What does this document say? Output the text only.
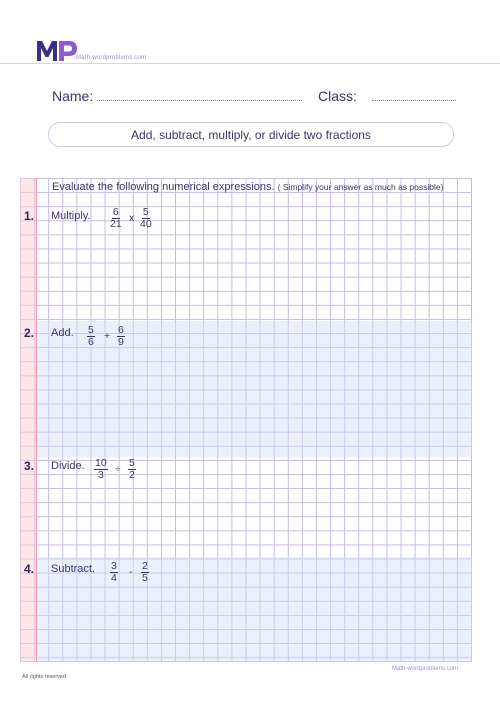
Math-wordproblems.com
Name:	Class:
Add, subtract, multiply, or divide two fractions
Evaluate the following numerical expressions. ( Simplify your answer as much as possible)
1. Multiply. $\frac{6}{21}$ x $\frac{5}{40}$
2. Add. $\frac{5}{6} + \frac{6}{9}$
3. Divide. $\frac{10}{3} \div \frac{5}{2}$
4. Subtract. $\frac{3}{4} - \frac{2}{5}$
Math-wordproblems.com
All rights reserved
